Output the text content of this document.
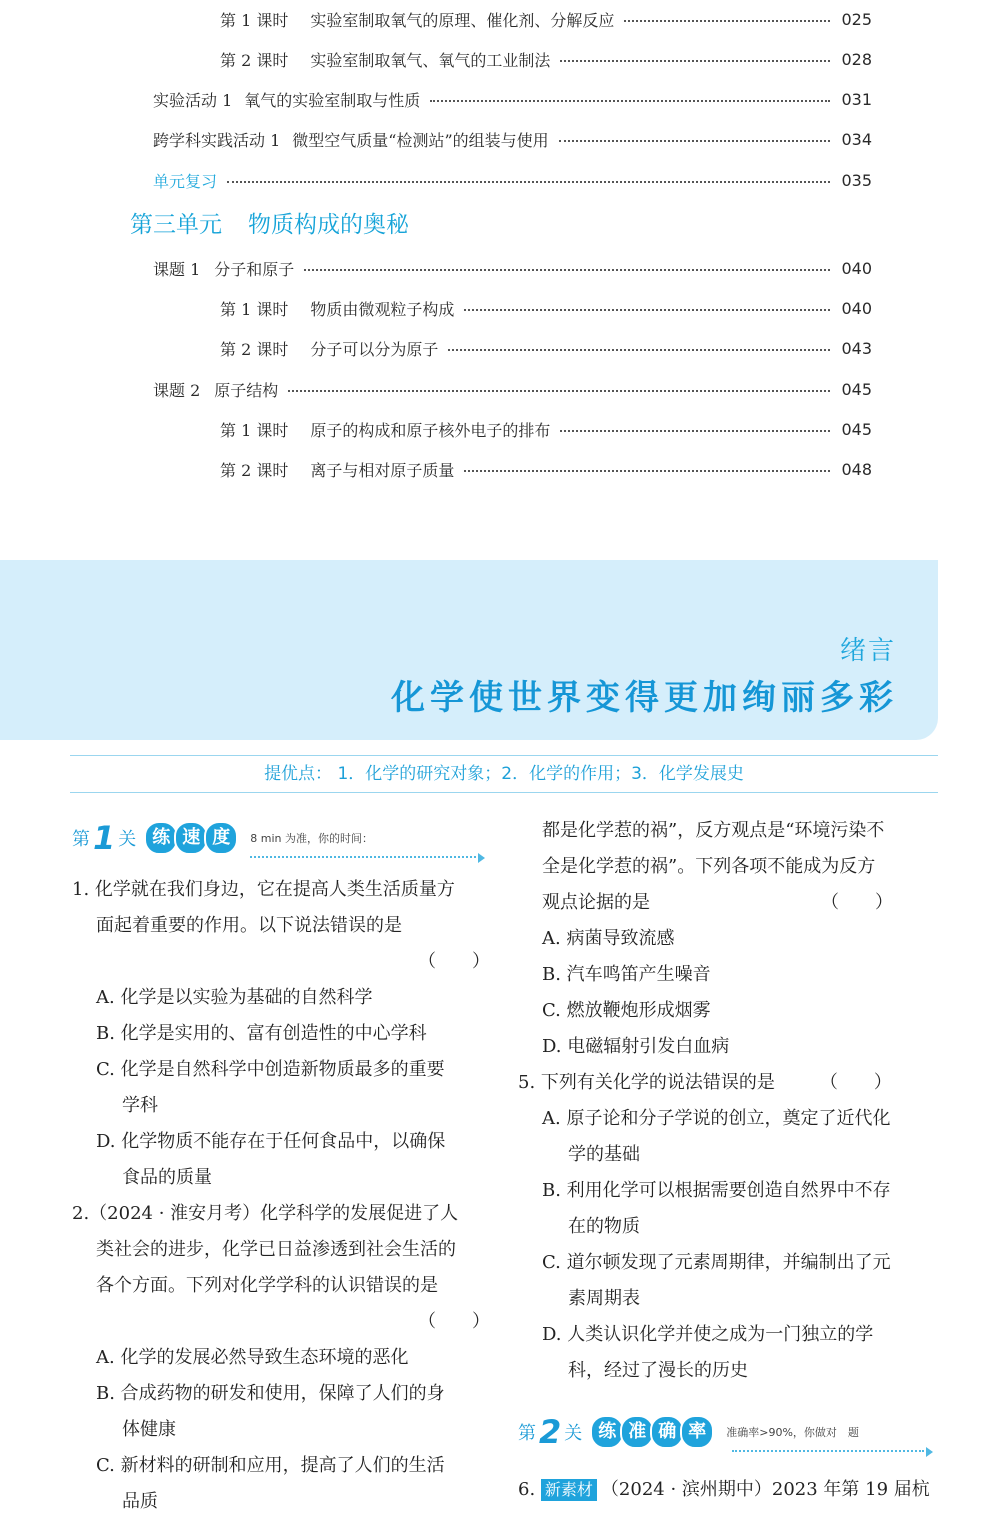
第 1 课时 实验室制取氧气的原理、催化剂、分解反应	025
第 2 课时 实验室制取氧气、氧气的工业制法	028
实验活动 1 氧气的实验室制取与性质	031
跨学科实践活动 1 微型空气质量“检测站”的组装与使用	034
单元复习	035
第三单元 物质构成的奥秘
课题 1 分子和原子	040
第 1 课时 物质由微观粒子构成	040
第 2 课时 分子可以分为原子	043
课题 2 原子结构	045
第 1 课时 原子的构成和原子核外电子的排布	045
第 2 课时 离子与相对原子质量	048
绪言
化学使世界变得更加绚丽多彩
提优点： 1．化学的研究对象；2．化学的作用；3．化学发展史
第 1 关 练 速 度	8 min 为准，你的时间：
1. 化学就在我们身边，它在提高人类生活质量方
面起着重要的作用。以下说法错误的是
（　　）
A. 化学是以实验为基础的自然科学
B. 化学是实用的、富有创造性的中心学科
C. 化学是自然科学中创造新物质最多的重要
学科
D. 化学物质不能存在于任何食品中，以确保
食品的质量
2.（2024 · 淮安月考）化学科学的发展促进了人
类社会的进步，化学已日益渗透到社会生活的
各个方面。下列对化学学科的认识错误的是
（　　）
A. 化学的发展必然导致生态环境的恶化
B. 合成药物的研发和使用，保障了人们的身
体健康
C. 新材料的研制和应用，提高了人们的生活
品质
都是化学惹的祸”，反方观点是“环境污染不
全是化学惹的祸”。下列各项不能成为反方
观点论据的是　　　　　　　　　　（　　）
A. 病菌导致流感
B. 汽车鸣笛产生噪音
C. 燃放鞭炮形成烟雾
D. 电磁辐射引发白血病
5. 下列有关化学的说法错误的是　　　（　　）
A. 原子论和分子学说的创立，奠定了近代化
学的基础
B. 利用化学可以根据需要创造自然界中不存
在的物质
C. 道尔顿发现了元素周期律，并编制出了元
素周期表
D. 人类认识化学并使之成为一门独立的学
科，经过了漫长的历史
第 2 关 练 准 确 率	准确率>90%，你做对　题
6. 新素材 （2024 · 滨州期中）2023 年第 19 届杭
